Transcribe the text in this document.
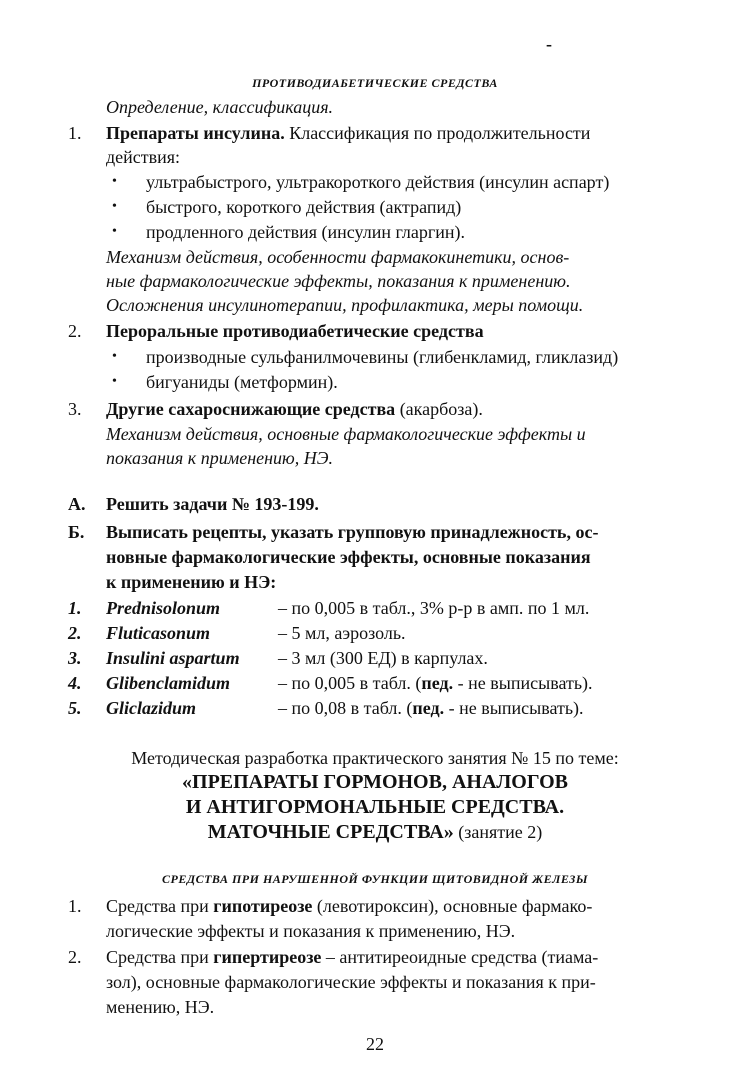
-
ПРОТИВОДИАБЕТИЧЕСКИЕ СРЕДСТВА
Определение, классификация.
1. Препараты инсулина. Классификация по продолжительности
действия:
• ультрабыстрого, ультракороткого действия (инсулин аспарт)
• быстрого, короткого действия (актрапид)
• продленного действия (инсулин гларгин).
Механизм действия, особенности фармакокинетики, основ-
ные фармакологические эффекты, показания к применению.
Осложнения инсулинотерапии, профилактика, меры помощи.
2. Пероральные противодиабетические средства
• производные сульфанилмочевины (глибенкламид, гликлазид)
• бигуаниды (метформин).
3. Другие сахароснижающие средства (акарбоза).
Механизм действия, основные фармакологические эффекты и
показания к применению, НЭ.
А. Решить задачи № 193-199.
Б. Выписать рецепты, указать групповую принадлежность, ос-
новные фармакологические эффекты, основные показания
к применению и НЭ:
1. Prednisolonum	– по 0,005 в табл., 3% р-р в амп. по 1 мл.
2. Fluticasonum	– 5 мл, аэрозоль.
3. Insulini aspartum – 3 мл (300 ЕД) в карпулах.
4. Glibenclamidum	– по 0,005 в табл. (пед. - не выписывать).
5. Gliclazidum	– по 0,08 в табл. (пед. - не выписывать).
Методическая разработка практического занятия № 15 по теме:
«ПРЕПАРАТЫ ГОРМОНОВ, АНАЛОГОВ
И АНТИГОРМОНАЛЬНЫЕ СРЕДСТВА.
МАТОЧНЫЕ СРЕДСТВА» (занятие 2)
СРЕДСТВА ПРИ НАРУШЕННОЙ ФУНКЦИИ ЩИТОВИДНОЙ ЖЕЛЕЗЫ
1. Средства при гипотиреозе (левотироксин), основные фармако-
логические эффекты и показания к применению, НЭ.
2. Средства при гипертиреозе – антитиреоидные средства (тиама-
зол), основные фармакологические эффекты и показания к при-
менению, НЭ.
22
